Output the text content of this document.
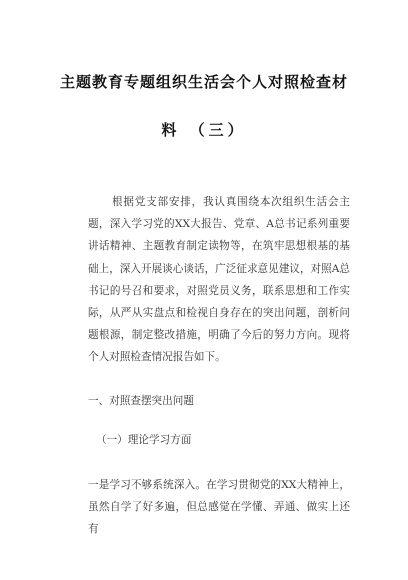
主题教育专题组织生活会个人对照检查材
料 （三）
根据党支部安排，我认真围绕本次组织生活会主题，深入学习党的XX大报告、党章、A总书记系列重要讲话精神、主题教育制定读物等，在筑牢思想根基的基础上，深入开展谈心谈话，广泛征求意见建议，对照A总书记的号召和要求，对照党员义务，联系思想和工作实际，从严从实盘点和检视自身存在的突出问题，剖析问题根源，制定整改措施，明确了今后的努力方向。现将个人对照检查情况报告如下。
一、对照查摆突出问题
（一）理论学习方面
一是学习不够系统深入。在学习贯彻党的XX大精神上，虽然自学了好多遍，但总感觉在学懂、弄通、做实上还有
